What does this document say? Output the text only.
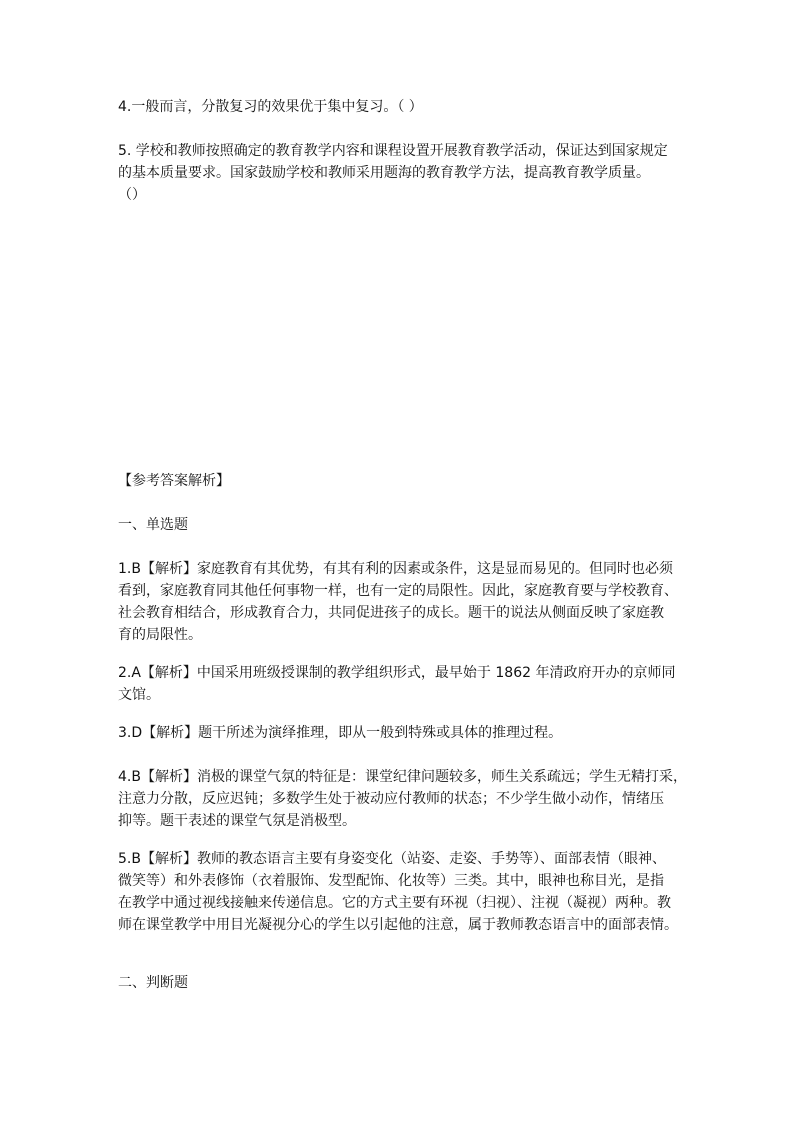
4.一般而言，分散复习的效果优于集中复习。（ ）

5. 学校和教师按照确定的教育教学内容和课程设置开展教育教学活动，保证达到国家规定
的基本质量要求。国家鼓励学校和教师采用题海的教育教学方法，提高教育教学质量。
（）

【参考答案解析】

一、单选题

1.B【解析】家庭教育有其优势，有其有利的因素或条件，这是显而易见的。但同时也必须
看到，家庭教育同其他任何事物一样，也有一定的局限性。因此，家庭教育要与学校教育、
社会教育相结合，形成教育合力，共同促进孩子的成长。题干的说法从侧面反映了家庭教
育的局限性。

2.A【解析】中国采用班级授课制的教学组织形式，最早始于 1862 年清政府开办的京师同
文馆。

3.D【解析】题干所述为演绎推理，即从一般到特殊或具体的推理过程。

4.B【解析】消极的课堂气氛的特征是：课堂纪律问题较多，师生关系疏远；学生无精打采，
注意力分散，反应迟钝；多数学生处于被动应付教师的状态；不少学生做小动作，情绪压
抑等。题干表述的课堂气氛是消极型。

5.B【解析】教师的教态语言主要有身姿变化（站姿、走姿、手势等）、面部表情（眼神、
微笑等）和外表修饰（衣着服饰、发型配饰、化妆等）三类。其中，眼神也称目光，是指
在教学中通过视线接触来传递信息。它的方式主要有环视（扫视）、注视（凝视）两种。教
师在课堂教学中用目光凝视分心的学生以引起他的注意，属于教师教态语言中的面部表情。

二、判断题
